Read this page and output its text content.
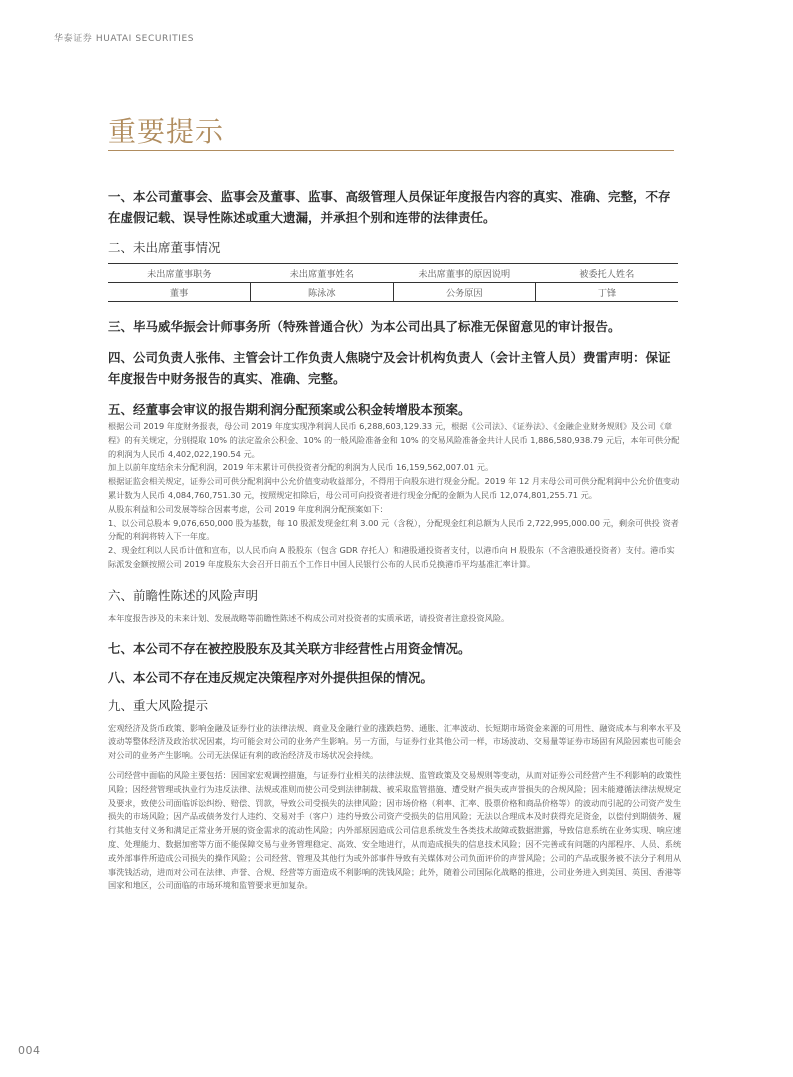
华泰证券 HUATAI SECURITIES
重要提示

一、本公司董事会、监事会及董事、监事、高级管理人员保证年度报告内容的真实、准确、完整，不存在虚假记载、误导性陈述或重大遗漏，并承担个别和连带的法律责任。

二、未出席董事情况

未出席董事职务	未出席董事姓名	未出席董事的原因说明	被委托人姓名
董事	陈泳冰	公务原因	丁锋

三、毕马威华振会计师事务所（特殊普通合伙）为本公司出具了标准无保留意见的审计报告。

四、公司负责人张伟、主管会计工作负责人焦晓宁及会计机构负责人（会计主管人员）费雷声明：保证年度报告中财务报告的真实、准确、完整。

五、经董事会审议的报告期利润分配预案或公积金转增股本预案。

根据公司 2019 年度财务报表，母公司 2019 年度实现净利润人民币 6,288,603,129.33 元，根据《公司法》、《证券法》、《金融企业财务规则》及公司《章程》的有关规定，分别提取 10% 的法定盈余公积金、10% 的一般风险准备金和 10% 的交易风险准备金共计人民币 1,886,580,938.79 元后，本年可供分配的利润为人民币 4,402,022,190.54 元。

加上以前年度结余未分配利润，2019 年末累计可供投资者分配的利润为人民币 16,159,562,007.01 元。

根据证监会相关规定，证券公司可供分配利润中公允价值变动收益部分，不得用于向股东进行现金分配。2019 年 12 月末母公司可供分配利润中公允价值变动累计数为人民币 4,084,760,751.30 元，按照规定扣除后，母公司可向投资者进行现金分配的金额为人民币 12,074,801,255.71 元。

从股东利益和公司发展等综合因素考虑，公司 2019 年度利润分配预案如下：

1、以公司总股本 9,076,650,000 股为基数，每 10 股派发现金红利 3.00 元（含税），分配现金红利总额为人民币 2,722,995,000.00 元，剩余可供投 资者分配的利润将转入下一年度。

2、现金红利以人民币计值和宣布，以人民币向 A 股股东（包含 GDR 存托人）和港股通投资者支付，以港币向 H 股股东（不含港股通投资者）支付。港币实际派发金额按照公司 2019 年度股东大会召开日前五个工作日中国人民银行公布的人民币兑换港币平均基准汇率计算。

六、前瞻性陈述的风险声明

本年度报告涉及的未来计划、发展战略等前瞻性陈述不构成公司对投资者的实质承诺，请投资者注意投资风险。

七、本公司不存在被控股股东及其关联方非经营性占用资金情况。

八、本公司不存在违反规定决策程序对外提供担保的情况。

九、重大风险提示

宏观经济及货币政策、影响金融及证券行业的法律法规、商业及金融行业的涨跌趋势、通胀、汇率波动、长短期市场资金来源的可用性、融资成本与利率水平及波动等整体经济及政治状况因素，均可能会对公司的业务产生影响。另一方面，与证券行业其他公司一样，市场波动、交易量等证券市场固有风险因素也可能会对公司的业务产生影响。公司无法保证有利的政治经济及市场状况会持续。

公司经营中面临的风险主要包括：因国家宏观调控措施，与证券行业相关的法律法规、监管政策及交易规则等变动，从而对证券公司经营产生不利影响的政策性风险；因经营管理或执业行为违反法律、法规或准则而使公司受到法律制裁、被采取监管措施、遭受财产损失或声誉损失的合规风险；因未能遵循法律法规规定及要求，致使公司面临诉讼纠纷、赔偿、罚款，导致公司受损失的法律风险；因市场价格（利率、汇率、股票价格和商品价格等）的波动而引起的公司资产发生损失的市场风险；因产品或债务发行人违约、交易对手（客户）违约导致公司资产受损失的信用风险；无法以合理成本及时获得充足资金，以偿付到期债务、履行其他支付义务和满足正常业务开展的资金需求的流动性风险；内外部原因造成公司信息系统发生各类技术故障或数据泄露，导致信息系统在业务实现、响应速度、处理能力、数据加密等方面不能保障交易与业务管理稳定、高效、安全地进行，从而造成损失的信息技术风险；因不完善或有问题的内部程序、人员、系统或外部事件所造成公司损失的操作风险；公司经营、管理及其他行为或外部事件导致有关媒体对公司负面评价的声誉风险；公司的产品或服务被不法分子利用从事洗钱活动，进而对公司在法律、声誉、合规、经营等方面造成不利影响的洗钱风险；此外，随着公司国际化战略的推进，公司业务进入到美国、英国、香港等国家和地区，公司面临的市场环境和监管要求更加复杂。

004
